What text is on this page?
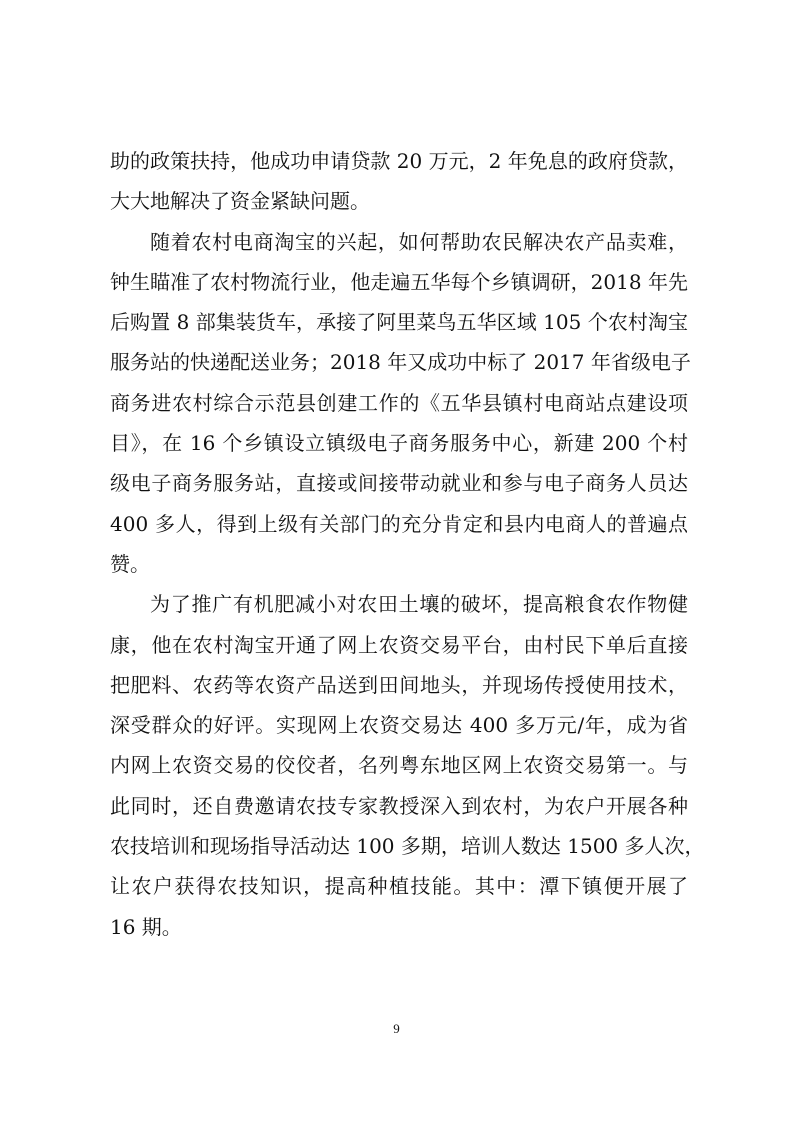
助的政策扶持，他成功申请贷款 20 万元，2 年免息的政府贷款，
大大地解决了资金紧缺问题。
随着农村电商淘宝的兴起，如何帮助农民解决农产品卖难，
钟生瞄准了农村物流行业，他走遍五华每个乡镇调研，2018 年先
后购置 8 部集装货车，承接了阿里菜鸟五华区域 105 个农村淘宝
服务站的快递配送业务；2018 年又成功中标了 2017 年省级电子
商务进农村综合示范县创建工作的《五华县镇村电商站点建设项
目》，在 16 个乡镇设立镇级电子商务服务中心，新建 200 个村
级电子商务服务站，直接或间接带动就业和参与电子商务人员达
400 多人，得到上级有关部门的充分肯定和县内电商人的普遍点
赞。
为了推广有机肥减小对农田土壤的破坏，提高粮食农作物健
康，他在农村淘宝开通了网上农资交易平台，由村民下单后直接
把肥料、农药等农资产品送到田间地头，并现场传授使用技术，
深受群众的好评。实现网上农资交易达 400 多万元/年，成为省
内网上农资交易的佼佼者，名列粤东地区网上农资交易第一。与
此同时，还自费邀请农技专家教授深入到农村，为农户开展各种
农技培训和现场指导活动达 100 多期，培训人数达 1500 多人次，
让农户获得农技知识，提高种植技能。其中：潭下镇便开展了
16 期。
9
